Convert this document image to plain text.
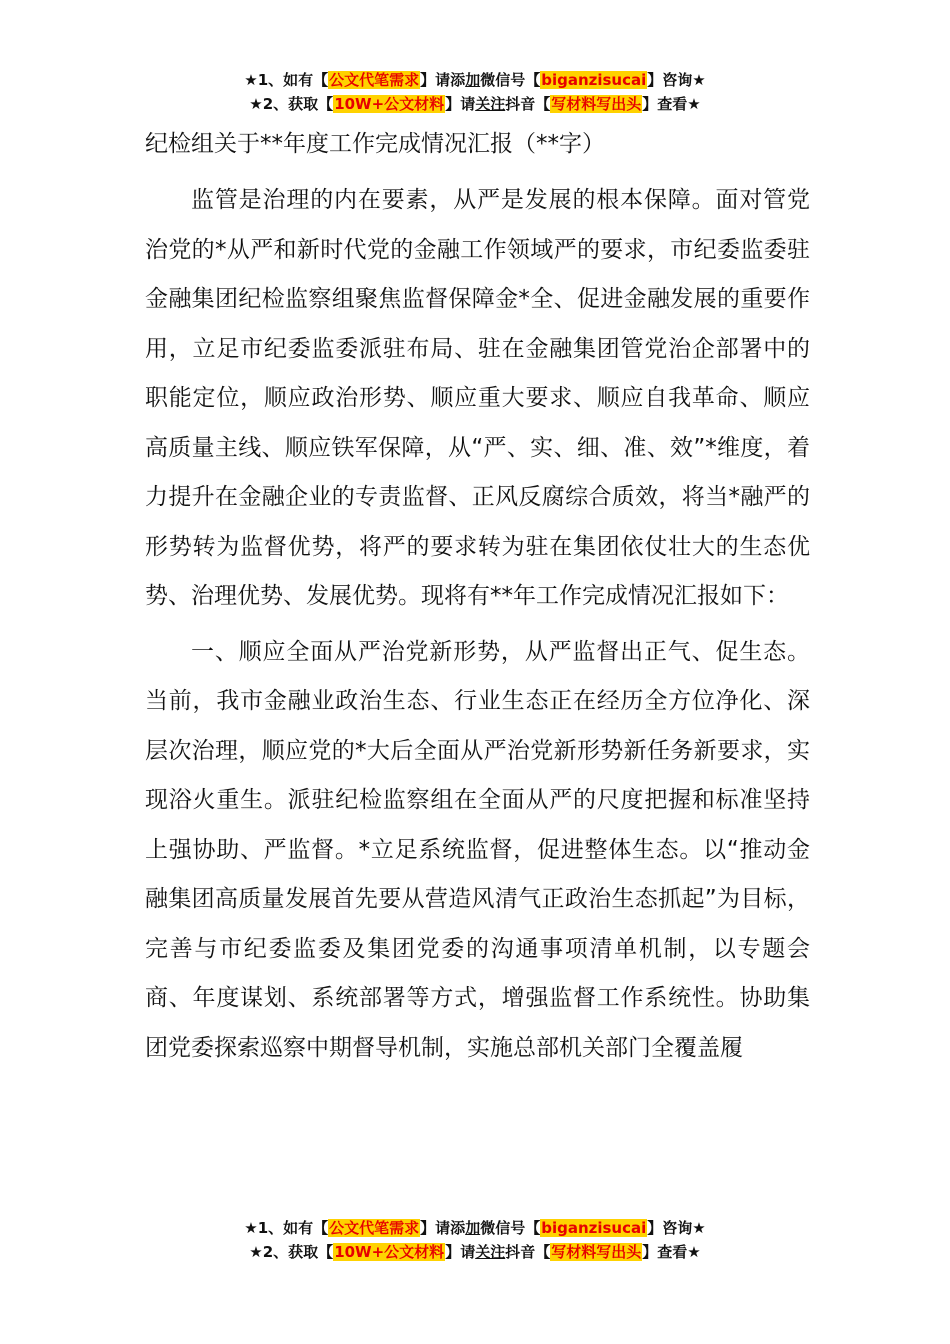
★1、如有【公文代笔需求】请添加微信号【biganzisucai】咨询★
★2、获取【10W+公文材料】请关注抖音【写材料写出头】查看★
纪检组关于**年度工作完成情况汇报（**字）

监管是治理的内在要素，从严是发展的根本保障。面对管党治党的*从严和新时代党的金融工作领域严的要求，市纪委监委驻金融集团纪检监察组聚焦监督保障金*全、促进金融发展的重要作用，立足市纪委监委派驻布局、驻在金融集团管党治企部署中的职能定位，顺应政治形势、顺应重大要求、顺应自我革命、顺应高质量主线、顺应铁军保障，从“严、实、细、准、效”*维度，着力提升在金融企业的专责监督、正风反腐综合质效，将当*融严的形势转为监督优势，将严的要求转为驻在集团依仗壮大的生态优势、治理优势、发展优势。现将有**年工作完成情况汇报如下：

一、顺应全面从严治党新形势，从严监督出正气、促生态。当前，我市金融业政治生态、行业生态正在经历全方位净化、深层次治理，顺应党的*大后全面从严治党新形势新任务新要求，实现浴火重生。派驻纪检监察组在全面从严的尺度把握和标准坚持上强协助、严监督。*立足系统监督，促进整体生态。以“推动金融集团高质量发展首先要从营造风清气正政治生态抓起”为目标，完善与市纪委监委及集团党委的沟通事项清单机制，以专题会商、年度谋划、系统部署等方式，增强监督工作系统性。协助集团党委探索巡察中期督导机制，实施总部机关部门全覆盖履

★1、如有【公文代笔需求】请添加微信号【biganzisucai】咨询★
★2、获取【10W+公文材料】请关注抖音【写材料写出头】查看★
